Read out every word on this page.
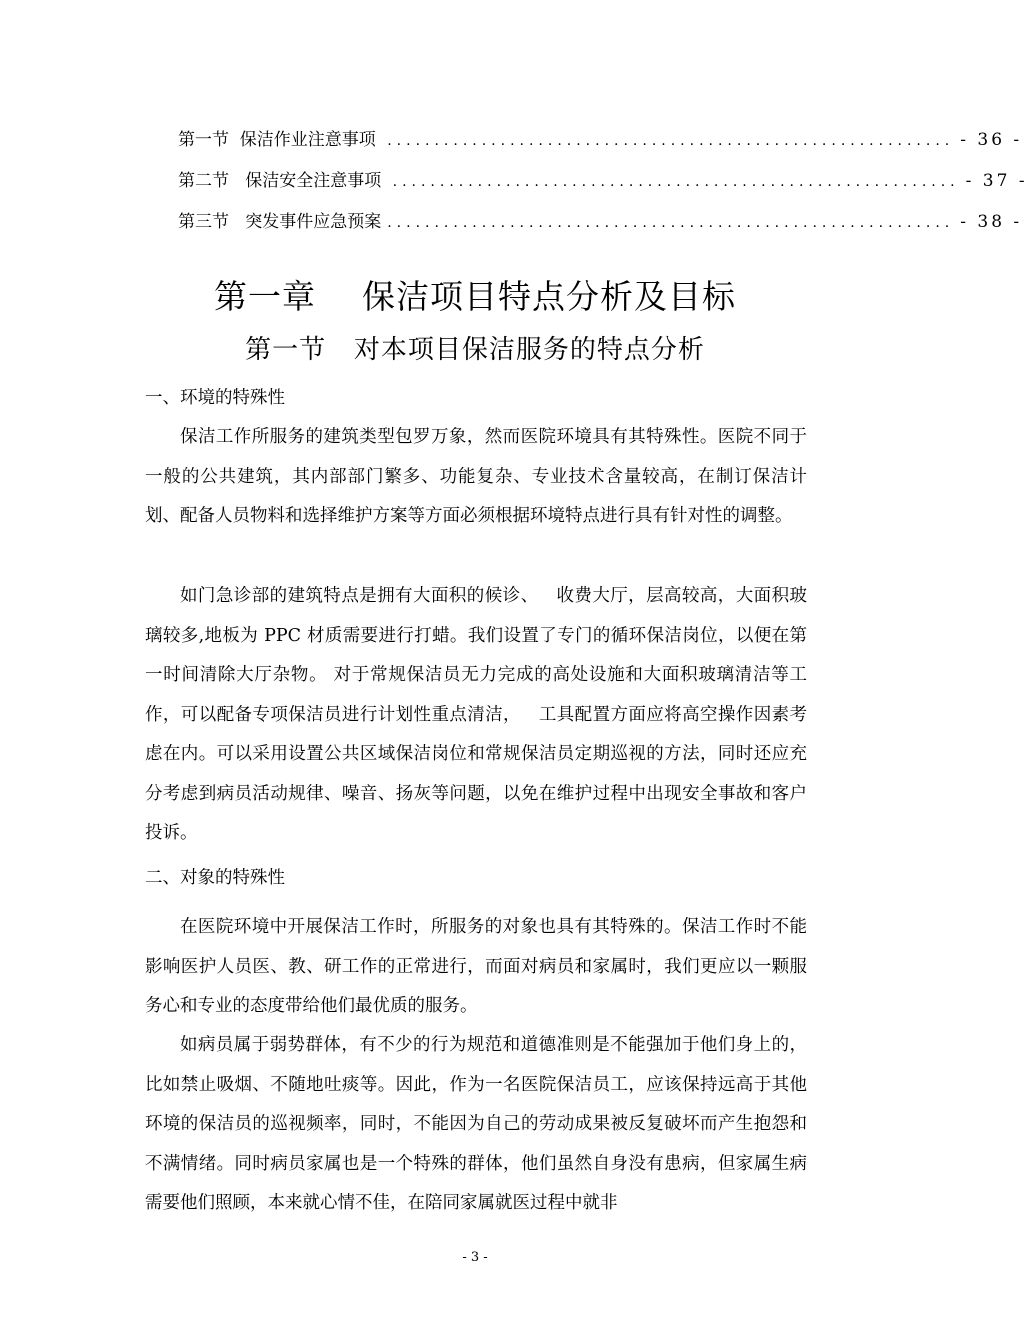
第一节  保洁作业注意事项 ............................................................ - 36 -
第二节   保洁安全注意事项 ............................................................ - 37 -
第三节   突发事件应急预案 ............................................................ - 38 -
第一章    保洁项目特点分析及目标
第一节   对本项目保洁服务的特点分析
一、环境的特殊性

保洁工作所服务的建筑类型包罗万象，然而医院环境具有其特殊性。医院不同于一般的公共建筑，其内部部门繁多、功能复杂、专业技术含量较高，在制订保洁计划、配备人员物料和选择维护方案等方面必须根据环境特点进行具有针对性的调整。

如门急诊部的建筑特点是拥有大面积的候诊、   收费大厅，层高较高，大面积玻璃较多,地板为 PPC 材质需要进行打蜡。我们设置了专门的循环保洁岗位，以便在第一时间清除大厅杂物。 对于常规保洁员无力完成的高处设施和大面积玻璃清洁等工作，可以配备专项保洁员进行计划性重点清洁，   工具配置方面应将高空操作因素考虑在内。可以采用设置公共区域保洁岗位和常规保洁员定期巡视的方法，同时还应充分考虑到病员活动规律、噪音、扬灰等问题，以免在维护过程中出现安全事故和客户投诉。

二、对象的特殊性

在医院环境中开展保洁工作时，所服务的对象也具有其特殊的。保洁工作时不能影响医护人员医、教、研工作的正常进行，而面对病员和家属时，我们更应以一颗服务心和专业的态度带给他们最优质的服务。

如病员属于弱势群体，有不少的行为规范和道德准则是不能强加于他们身上的，比如禁止吸烟、不随地吐痰等。因此，作为一名医院保洁员工，应该保持远高于其他环境的保洁员的巡视频率，同时，不能因为自己的劳动成果被反复破坏而产生抱怨和不满情绪。同时病员家属也是一个特殊的群体，他们虽然自身没有患病，但家属生病需要他们照顾，本来就心情不佳，在陪同家属就医过程中就非

- 3 -
